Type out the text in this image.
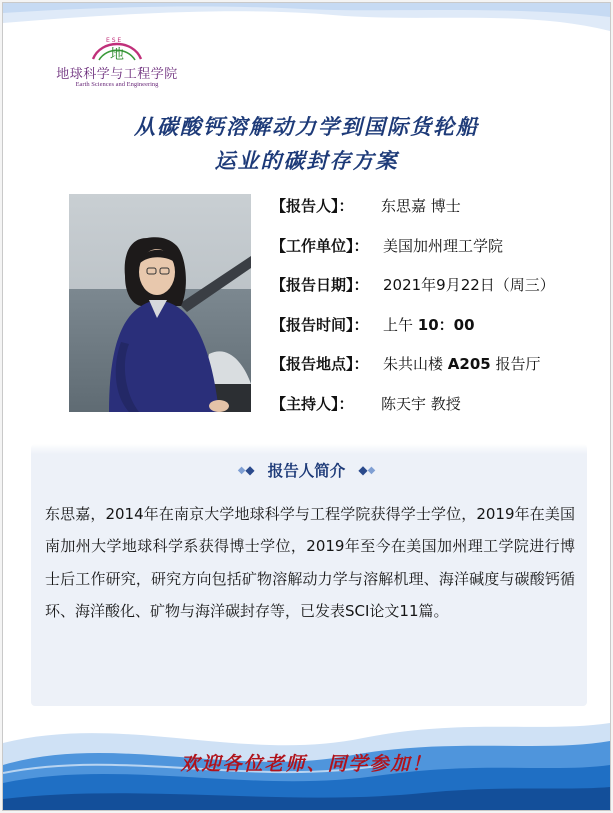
E S E
地
地球科学与工程学院
Earth Sciences and Engineering
从碳酸钙溶解动力学到国际货轮船
运业的碳封存方案
【报告人】： 东思嘉 博士
【工作单位】： 美国加州理工学院
【报告日期】： 2021年9月22日（周三）
【报告时间】： 上午 10：00
【报告地点】： 朱共山楼 A205 报告厅
【主持人】： 陈天宇 教授
◆◆ 报告人简介 ◆◆
东思嘉，2014年在南京大学地球科学与工程学院获得学士学位，2019年在美国南加州大学地球科学系获得博士学位，2019年至今在美国加州理工学院进行博士后工作研究，研究方向包括矿物溶解动力学与溶解机理、海洋碱度与碳酸钙循环、海洋酸化、矿物与海洋碳封存等，已发表SCI论文11篇。
欢迎各位老师、同学参加！
